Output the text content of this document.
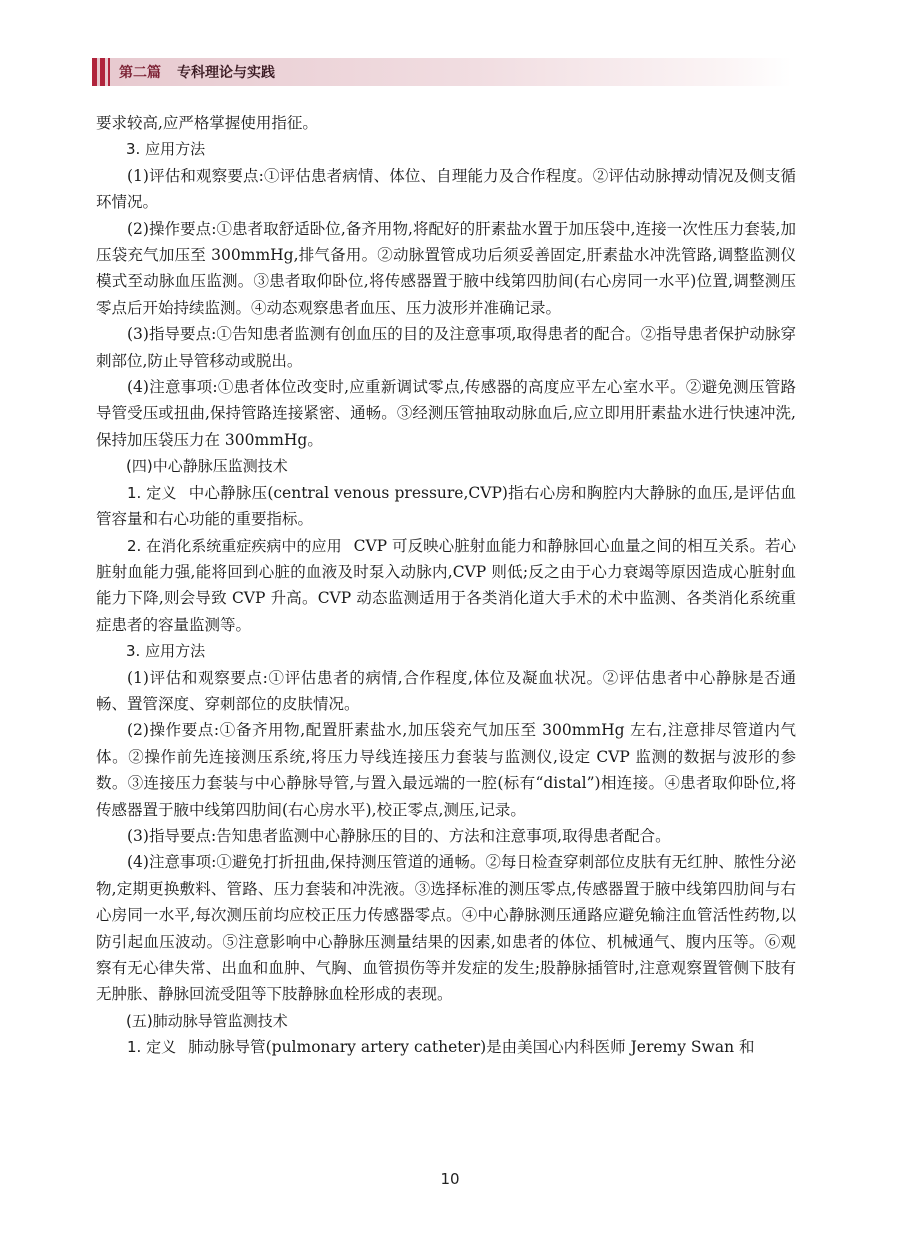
第二篇 专科理论与实践

要求较高,应严格掌握使用指征。

3. 应用方法

(1)评估和观察要点:①评估患者病情、体位、自理能力及合作程度。②评估动脉搏动情况及侧支循环情况。

(2)操作要点:①患者取舒适卧位,备齐用物,将配好的肝素盐水置于加压袋中,连接一次性压力套装,加压袋充气加压至 300mmHg,排气备用。②动脉置管成功后须妥善固定,肝素盐水冲洗管路,调整监测仪模式至动脉血压监测。③患者取仰卧位,将传感器置于腋中线第四肋间(右心房同一水平)位置,调整测压零点后开始持续监测。④动态观察患者血压、压力波形并准确记录。

(3)指导要点:①告知患者监测有创血压的目的及注意事项,取得患者的配合。②指导患者保护动脉穿刺部位,防止导管移动或脱出。

(4)注意事项:①患者体位改变时,应重新调试零点,传感器的高度应平左心室水平。②避免测压管路导管受压或扭曲,保持管路连接紧密、通畅。③经测压管抽取动脉血后,应立即用肝素盐水进行快速冲洗,保持加压袋压力在 300mmHg。

(四)中心静脉压监测技术

1. 定义 中心静脉压(central venous pressure,CVP)指右心房和胸腔内大静脉的血压,是评估血管容量和右心功能的重要指标。

2. 在消化系统重症疾病中的应用 CVP 可反映心脏射血能力和静脉回心血量之间的相互关系。若心脏射血能力强,能将回到心脏的血液及时泵入动脉内,CVP 则低;反之由于心力衰竭等原因造成心脏射血能力下降,则会导致 CVP 升高。CVP 动态监测适用于各类消化道大手术的术中监测、各类消化系统重症患者的容量监测等。

3. 应用方法

(1)评估和观察要点:①评估患者的病情,合作程度,体位及凝血状况。②评估患者中心静脉是否通畅、置管深度、穿刺部位的皮肤情况。

(2)操作要点:①备齐用物,配置肝素盐水,加压袋充气加压至 300mmHg 左右,注意排尽管道内气体。②操作前先连接测压系统,将压力导线连接压力套装与监测仪,设定 CVP 监测的数据与波形的参数。③连接压力套装与中心静脉导管,与置入最远端的一腔(标有“distal”)相连接。④患者取仰卧位,将传感器置于腋中线第四肋间(右心房水平),校正零点,测压,记录。

(3)指导要点:告知患者监测中心静脉压的目的、方法和注意事项,取得患者配合。

(4)注意事项:①避免打折扭曲,保持测压管道的通畅。②每日检查穿刺部位皮肤有无红肿、脓性分泌物,定期更换敷料、管路、压力套装和冲洗液。③选择标准的测压零点,传感器置于腋中线第四肋间与右心房同一水平,每次测压前均应校正压力传感器零点。④中心静脉测压通路应避免输注血管活性药物,以防引起血压波动。⑤注意影响中心静脉压测量结果的因素,如患者的体位、机械通气、腹内压等。⑥观察有无心律失常、出血和血肿、气胸、血管损伤等并发症的发生;股静脉插管时,注意观察置管侧下肢有无肿胀、静脉回流受阻等下肢静脉血栓形成的表现。

(五)肺动脉导管监测技术

1. 定义 肺动脉导管(pulmonary artery catheter)是由美国心内科医师 Jeremy Swan 和

10
